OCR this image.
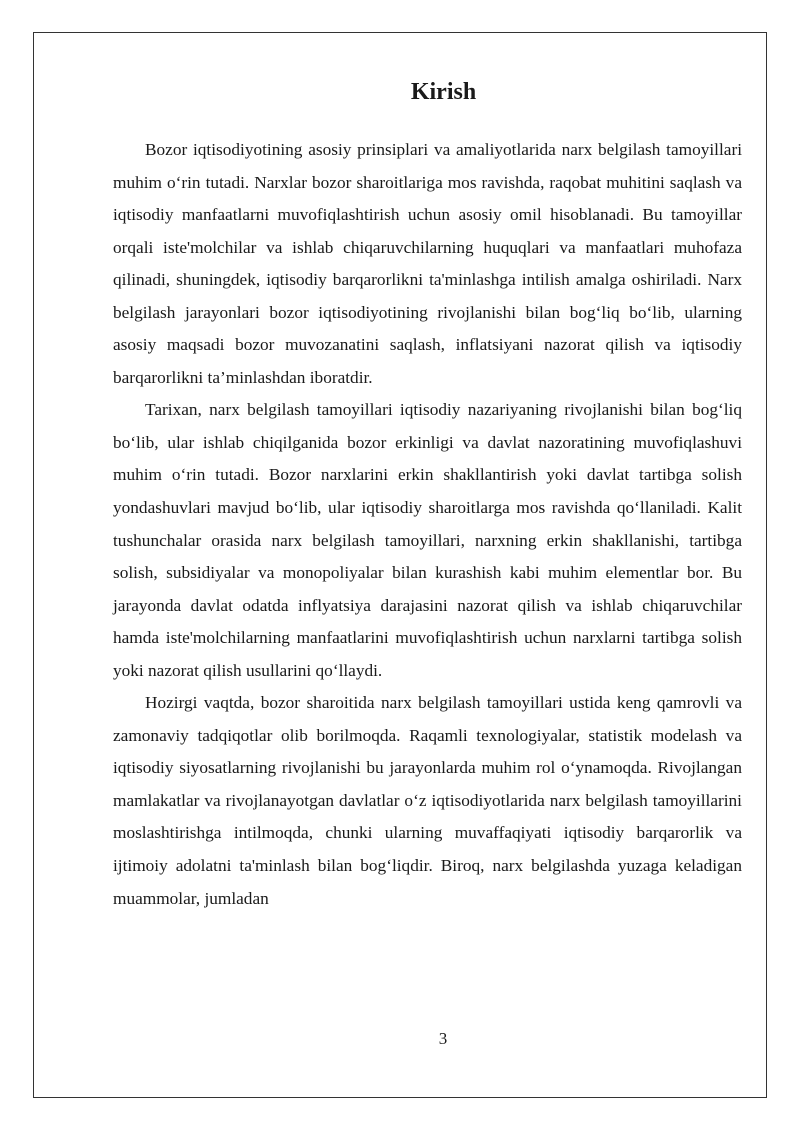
Kirish

Bozor iqtisodiyotining asosiy prinsiplari va amaliyotlarida narx belgilash tamoyillari muhim o‘rin tutadi. Narxlar bozor sharoitlariga mos ravishda, raqobat muhitini saqlash va iqtisodiy manfaatlarni muvofiqlashtirish uchun asosiy omil hisoblanadi. Bu tamoyillar orqali iste'molchilar va ishlab chiqaruvchilarning huquqlari va manfaatlari muhofaza qilinadi, shuningdek, iqtisodiy barqarorlikni ta'minlashga intilish amalga oshiriladi. Narx belgilash jarayonlari bozor iqtisodiyotining rivojlanishi bilan bog‘liq bo‘lib, ularning asosiy maqsadi bozor muvozanatini saqlash, inflatsiyani nazorat qilish va iqtisodiy barqarorlikni ta’minlashdan iboratdir.

Tarixan, narx belgilash tamoyillari iqtisodiy nazariyaning rivojlanishi bilan bog‘liq bo‘lib, ular ishlab chiqilganida bozor erkinligi va davlat nazoratining muvofiqlashuvi muhim o‘rin tutadi. Bozor narxlarini erkin shakllantirish yoki davlat tartibga solish yondashuvlari mavjud bo‘lib, ular iqtisodiy sharoitlarga mos ravishda qo‘llaniladi. Kalit tushunchalar orasida narx belgilash tamoyillari, narxning erkin shakllanishi, tartibga solish, subsidiyalar va monopoliyalar bilan kurashish kabi muhim elementlar bor. Bu jarayonda davlat odatda inflyatsiya darajasini nazorat qilish va ishlab chiqaruvchilar hamda iste'molchilarning manfaatlarini muvofiqlashtirish uchun narxlarni tartibga solish yoki nazorat qilish usullarini qo‘llaydi.

Hozirgi vaqtda, bozor sharoitida narx belgilash tamoyillari ustida keng qamrovli va zamonaviy tadqiqotlar olib borilmoqda. Raqamli texnologiyalar, statistik modelash va iqtisodiy siyosatlarning rivojlanishi bu jarayonlarda muhim rol o‘ynamoqda. Rivojlangan mamlakatlar va rivojlanayotgan davlatlar o‘z iqtisodiyotlarida narx belgilash tamoyillarini moslashtirishga intilmoqda, chunki ularning muvaffaqiyati iqtisodiy barqarorlik va ijtimoiy adolatni ta'minlash bilan bog‘liqdir. Biroq, narx belgilashda yuzaga keladigan muammolar, jumladan

3
